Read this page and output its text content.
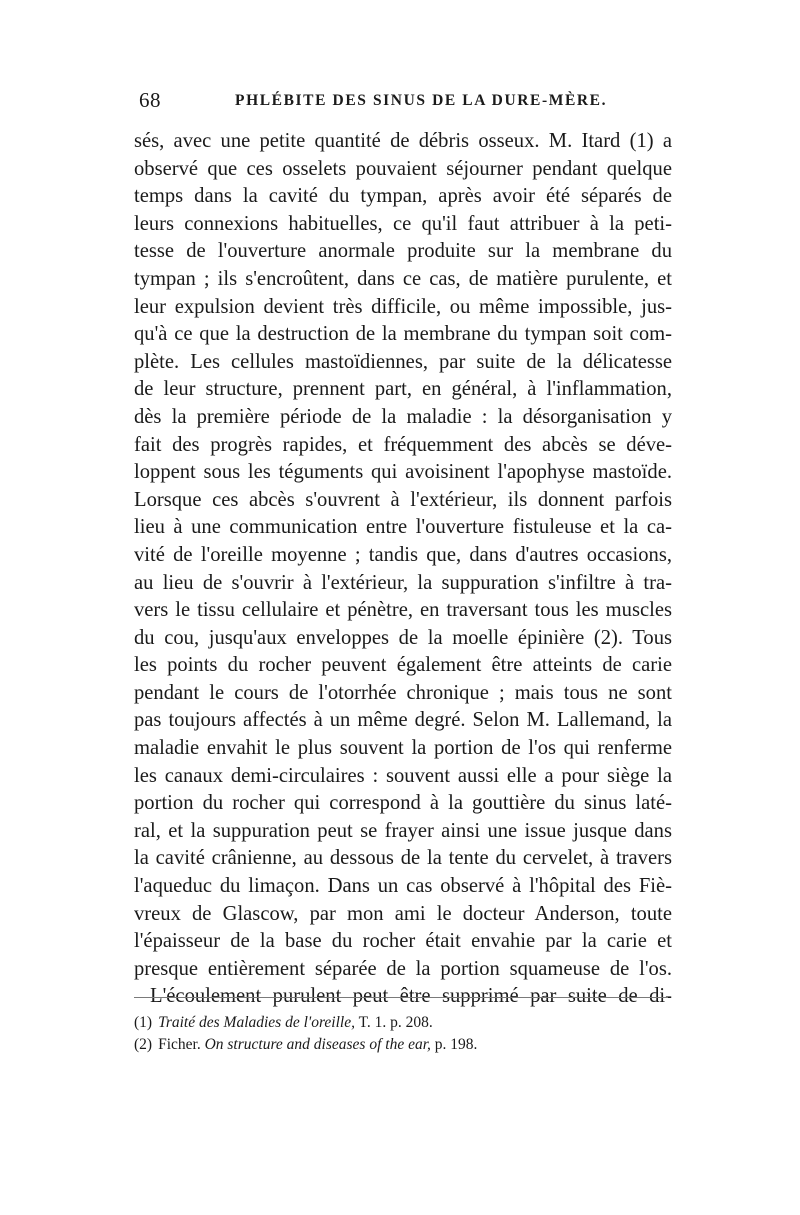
68	PHLÉBITE DES SINUS DE LA DURE-MÈRE.
sés, avec une petite quantité de débris osseux. M. Itard (1) a
observé que ces osselets pouvaient séjourner pendant quelque
temps dans la cavité du tympan, après avoir été séparés de
leurs connexions habituelles, ce qu'il faut attribuer à la peti-
tesse de l'ouverture anormale produite sur la membrane du
tympan ; ils s'encroûtent, dans ce cas, de matière purulente, et
leur expulsion devient très difficile, ou même impossible, jus-
qu'à ce que la destruction de la membrane du tympan soit com-
plète. Les cellules mastoïdiennes, par suite de la délicatesse
de leur structure, prennent part, en général, à l'inflammation,
dès la première période de la maladie : la désorganisation y
fait des progrès rapides, et fréquemment des abcès se déve-
loppent sous les téguments qui avoisinent l'apophyse mastoïde.
Lorsque ces abcès s'ouvrent à l'extérieur, ils donnent parfois
lieu à une communication entre l'ouverture fistuleuse et la ca-
vité de l'oreille moyenne ; tandis que, dans d'autres occasions,
au lieu de s'ouvrir à l'extérieur, la suppuration s'infiltre à tra-
vers le tissu cellulaire et pénètre, en traversant tous les muscles
du cou, jusqu'aux enveloppes de la moelle épinière (2). Tous
les points du rocher peuvent également être atteints de carie
pendant le cours de l'otorrhée chronique ; mais tous ne sont
pas toujours affectés à un même degré. Selon M. Lallemand, la
maladie envahit le plus souvent la portion de l'os qui renferme
les canaux demi-circulaires : souvent aussi elle a pour siège la
portion du rocher qui correspond à la gouttière du sinus laté-
ral, et la suppuration peut se frayer ainsi une issue jusque dans
la cavité crânienne, au dessous de la tente du cervelet, à travers
l'aqueduc du limaçon. Dans un cas observé à l'hôpital des Fiè-
vreux de Glascow, par mon ami le docteur Anderson, toute
l'épaisseur de la base du rocher était envahie par la carie et
presque entièrement séparée de la portion squameuse de l'os.
L'écoulement purulent peut être supprimé par suite de di-
(1) Traité des Maladies de l'oreille, T. 1. p. 208.
(2) Ficher. On structure and diseases of the ear, p. 198.
